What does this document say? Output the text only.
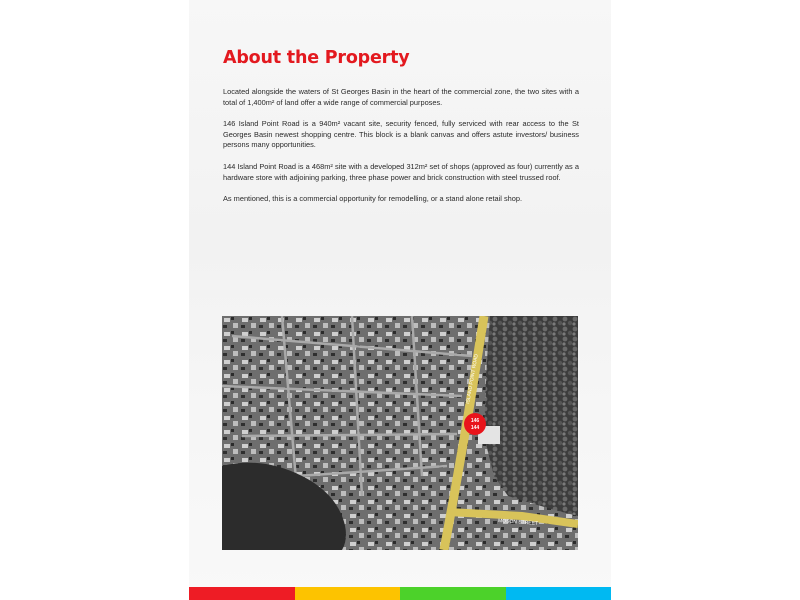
About the Property

Located alongside the waters of St Georges Basin in the heart of the commercial zone, the two sites with a total of 1,400m² of land offer a wide range of commercial purposes.

146 Island Point Road is a 940m² vacant site, security fenced, fully serviced with rear access to the St Georges Basin newest shopping centre. This block is a blank canvas and offers astute investors/ business persons many opportunities.

144 Island Point Road is a 468m² site with a developed 312m² set of shops (approved as four) currently as a hardware store with adjoining parking, three phase power and brick construction with steel trussed roof.

As mentioned, this is a commercial opportunity for remodelling, or a stand alone retail shop.

ISLAND POINT ROAD
MOSON STREET
146
144
